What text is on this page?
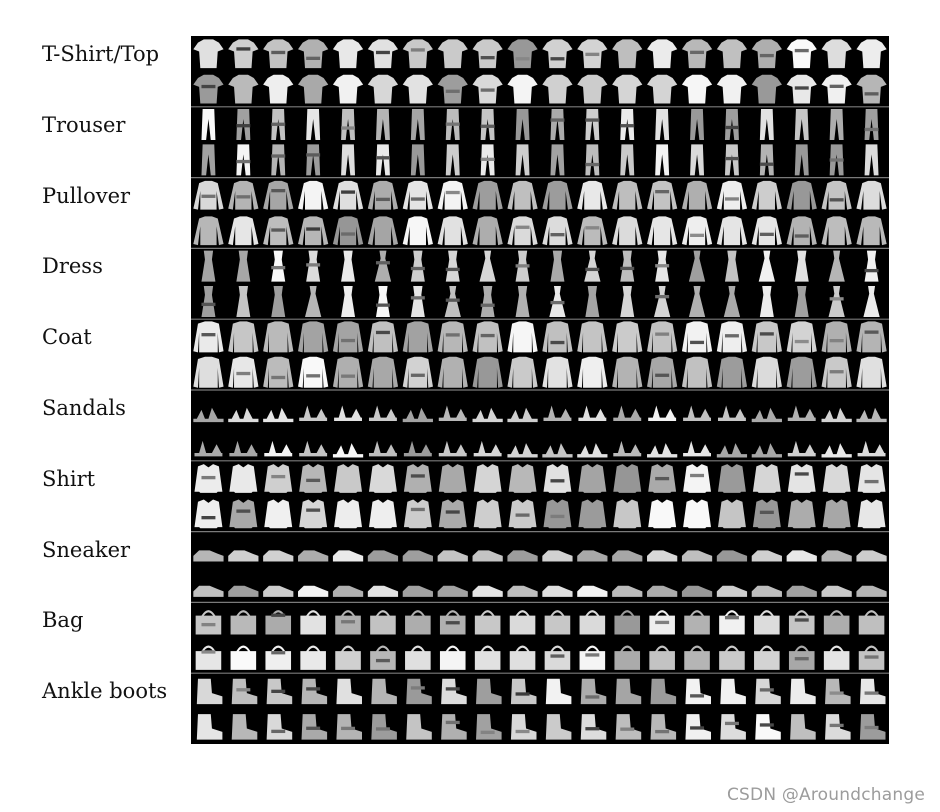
T-Shirt/Top
Trouser
Pullover
Dress
Coat
Sandals
Shirt
Sneaker
Bag
Ankle boots
CSDN @Aroundchange
